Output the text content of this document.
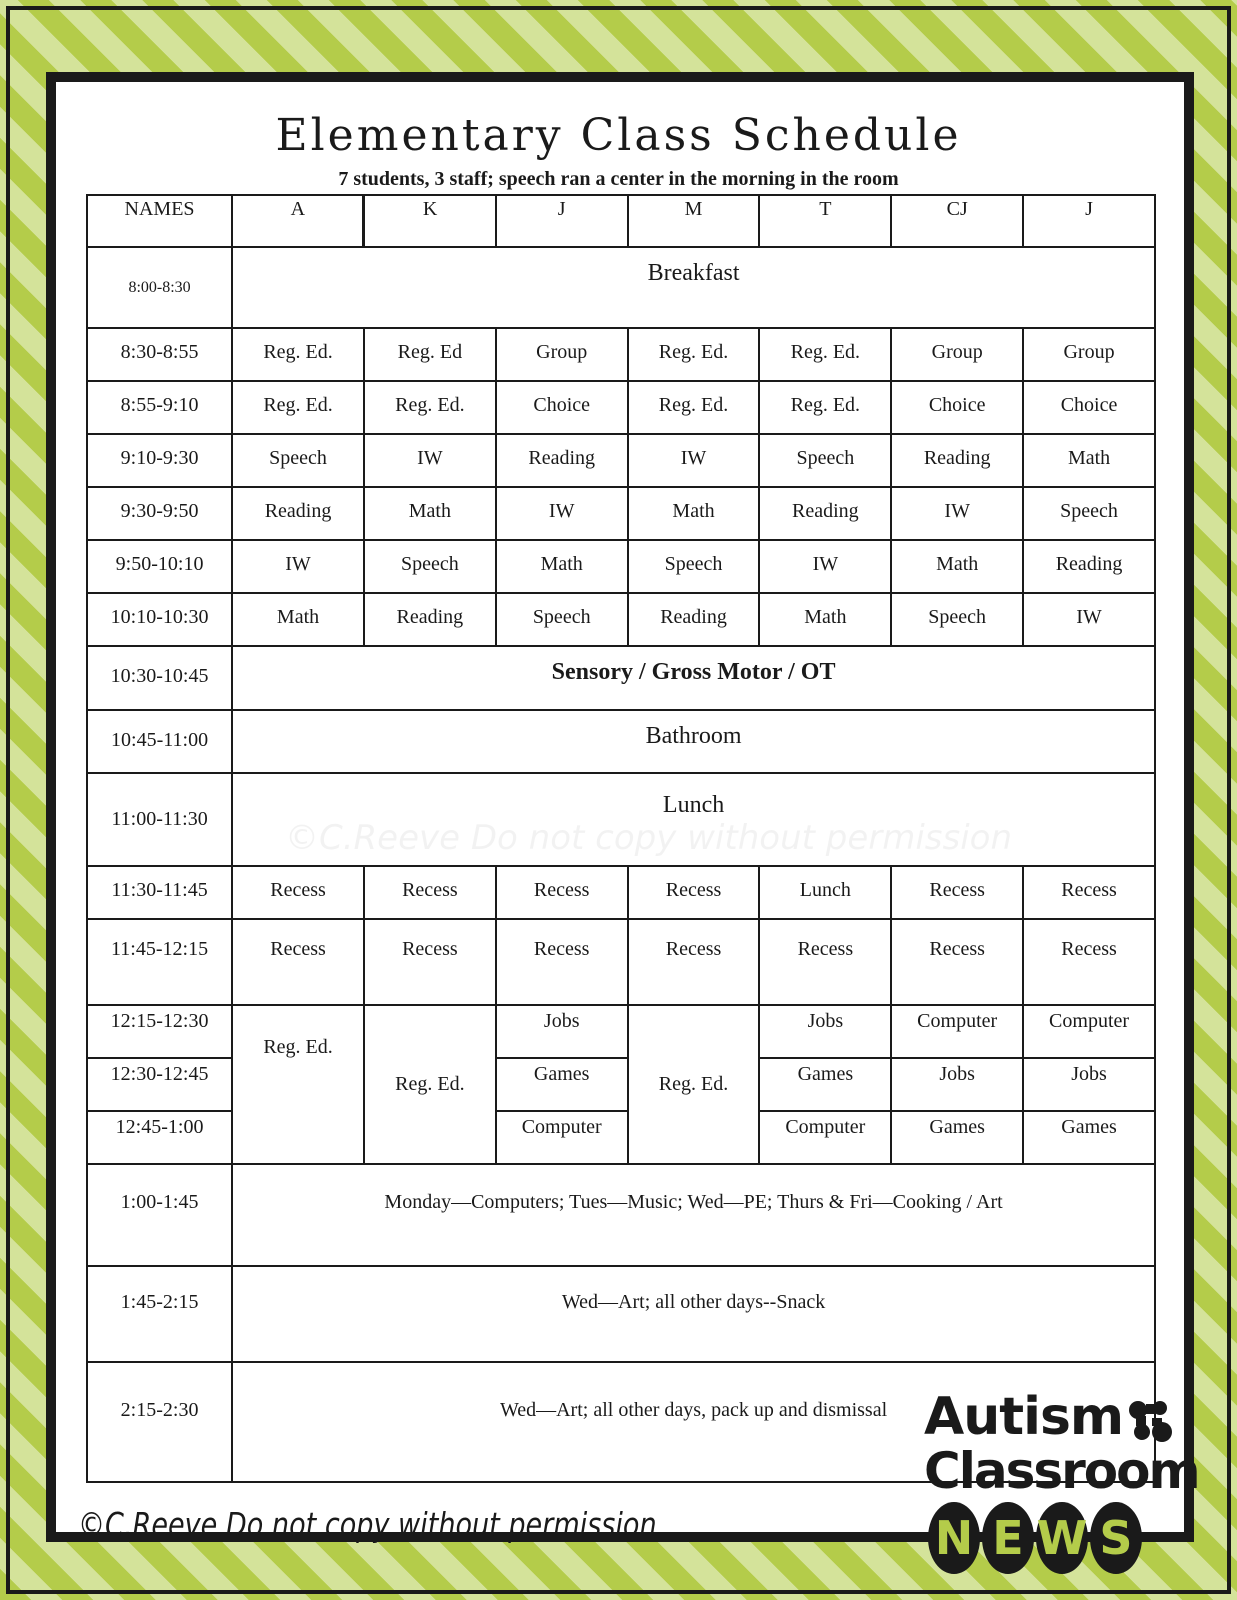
Elementary Class Schedule
7 students, 3 staff; speech ran a center in the morning in the room
©C.Reeve Do not copy without permission
NAMES	A	K	J	M	T	CJ	J
8:00-8:30	Breakfast						
8:30-8:55	Reg. Ed.	Reg. Ed	Group	Reg. Ed.	Reg. Ed.	Group	Group
8:55-9:10	Reg. Ed.	Reg. Ed.	Choice	Reg. Ed.	Reg. Ed.	Choice	Choice
9:10-9:30	Speech	IW	Reading	IW	Speech	Reading	Math
9:30-9:50	Reading	Math	IW	Math	Reading	IW	Speech
9:50-10:10	IW	Speech	Math	Speech	IW	Math	Reading
10:10-10:30	Math	Reading	Speech	Reading	Math	Speech	IW
10:30-10:45	Sensory / Gross Motor / OT						
10:45-11:00	Bathroom						
11:00-11:30	Lunch						
11:30-11:45	Recess	Recess	Recess	Recess	Lunch	Recess	Recess
11:45-12:15	Recess	Recess	Recess	Recess	Recess	Recess	Recess
12:15-12:30	Reg. Ed.	Reg. Ed.	Jobs	Reg. Ed.	Jobs	Computer	Computer
12:30-12:45			Games		Games	Jobs	Jobs
12:45-1:00			Computer		Computer	Games	Games
1:00-1:45	Monday—Computers; Tues—Music; Wed—PE; Thurs & Fri—Cooking / Art						
1:45-2:15	Wed—Art; all other days--Snack						
2:15-2:30	Wed—Art; all other days, pack up and dismissal						
©C.Reeve Do not copy without permission
Autism
Classroom
N E W S
